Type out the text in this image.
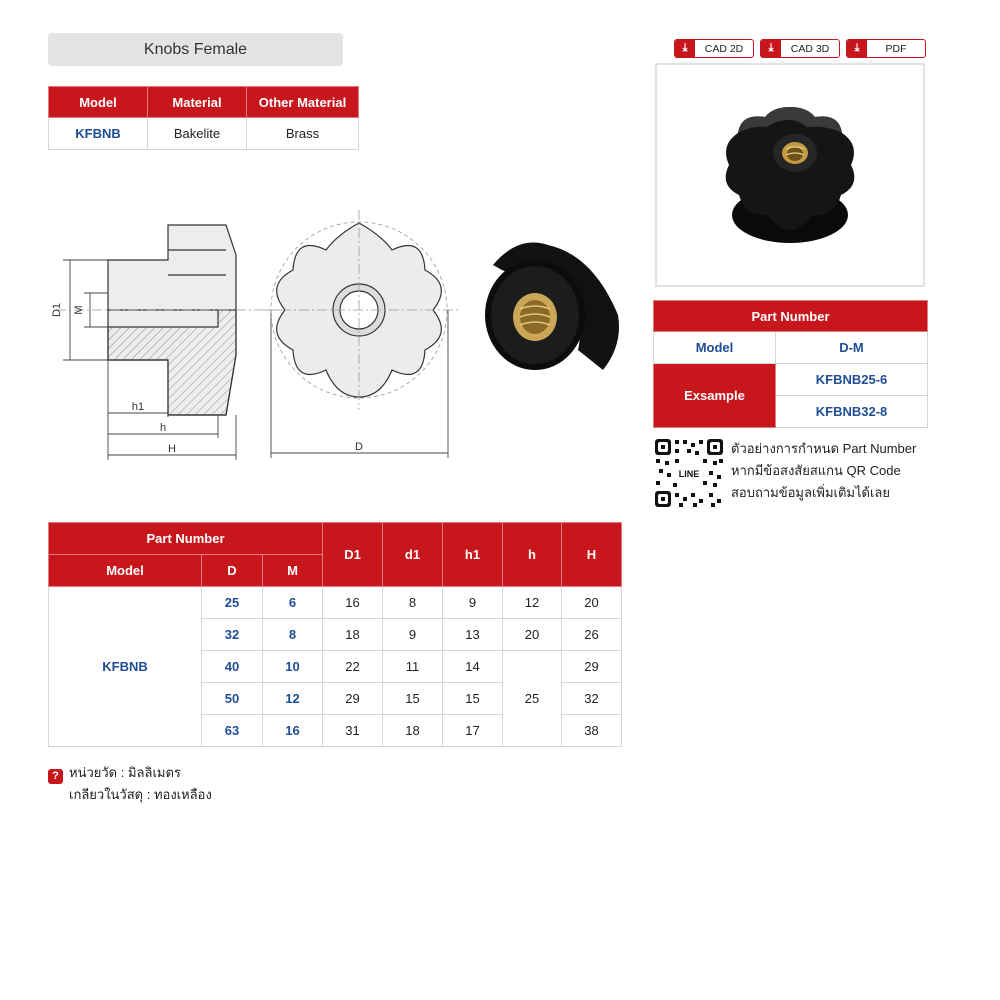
Knobs Female
Model	Material	Other Material
KFBNB	Bakelite	Brass
D1 M
h1
h
H	D
⤓	CAD 2D	⤓	CAD 3D	⤓	PDF
Part Number	
Model	D-M
Exsample	KFBNB25-6
	KFBNB32-8
LINE
ตัวอย่างการกำหนด Part Number
หากมีข้อสงสัยสแกน QR Code
สอบถามข้อมูลเพิ่มเติมได้เลย
Part Number			D1	d1	h1	h	H
Model	D	M					
KFBNB	25	6	16	8	9	12	20
	32	8	18	9	13	20	26
	40	10	22	11	14	25	29
	50	12	29	15	15		32
	63	16	31	18	17		38
? หน่วยวัด : มิลลิเมตร
เกลียวในวัสดุ : ทองเหลือง
